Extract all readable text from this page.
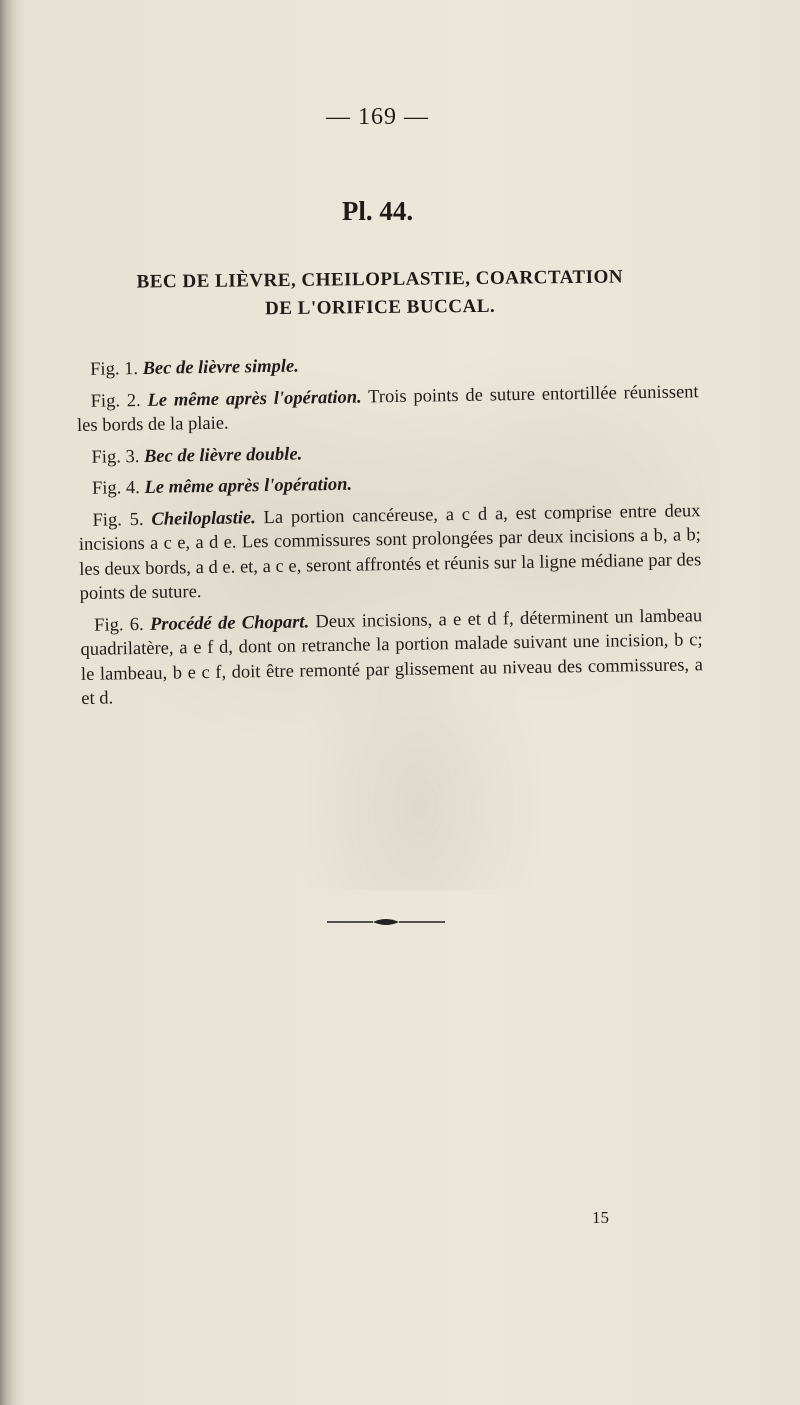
— 169 —
Pl. 44.
BEC DE LIÈVRE, CHEILOPLASTIE, COARCTATION
DE L'ORIFICE BUCCAL.

Fig. 1. Bec de lièvre simple.

Fig. 2. Le même après l'opération. Trois points de suture entortillée réunissent les bords de la plaie.

Fig. 3. Bec de lièvre double.

Fig. 4. Le même après l'opération.

Fig. 5. Cheiloplastie. La portion cancéreuse, a c d a, est comprise entre deux incisions a c e, a d e. Les commissures sont prolongées par deux incisions a b, a b; les deux bords, a d e. et, a c e, seront affrontés et réunis sur la ligne médiane par des points de suture.

Fig. 6. Procédé de Chopart. Deux incisions, a e et d f, déterminent un lambeau quadrilatère, a e f d, dont on retranche la portion malade suivant une incision, b c; le lambeau, b e c f, doit être remonté par glissement au niveau des commissures, a et d.

15
